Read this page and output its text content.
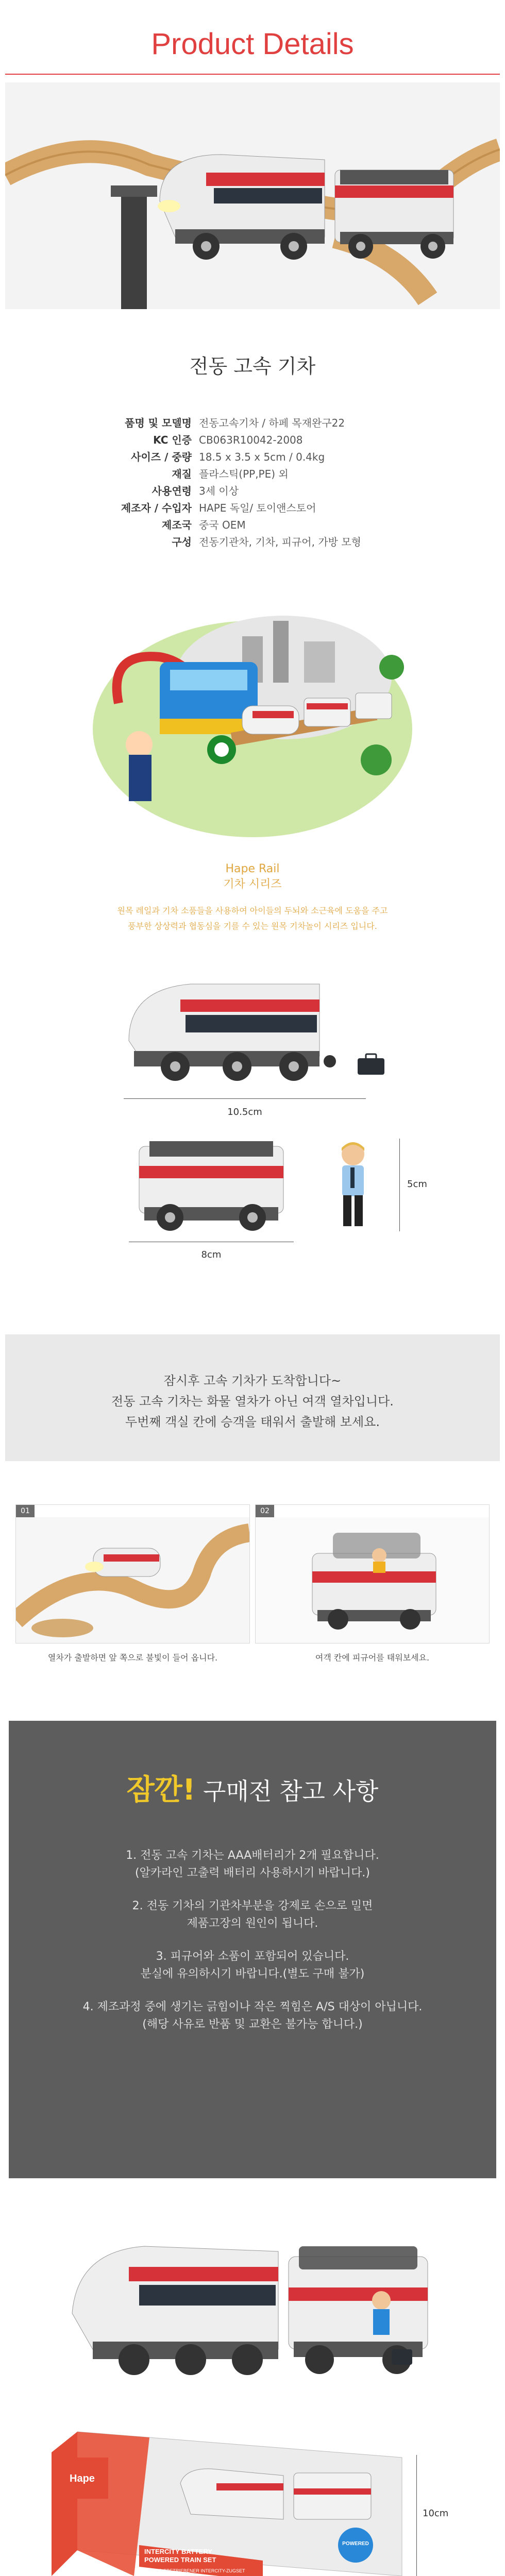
Product Details
전동 고속 기차
품명 및 모델명 전동고속기차 / 하페 목재완구22
KC 인증 CB063R10042-2008
사이즈 / 중량 18.5 x 3.5 x 5cm / 0.4kg
재질 플라스틱(PP,PE) 외
사용연령 3세 이상
제조자 / 수입자 HAPE 독일/ 토이앤스토어
제조국 중국 OEM
구성 전동기관차, 기차, 피규어, 가방 모형
Hape Rail
기차 시리즈
원목 레일과 기차 소품들을 사용하여 아이들의 두뇌와 소근육에 도움을 주고
풍부한 상상력과 협동심을 기를 수 있는 원목 기차놀이 시리즈 입니다.
10.5cm
8cm
5cm
잠시후 고속 기차가 도착합니다~
전동 고속 기차는 화물 열차가 아닌 여객 열차입니다.
두번째 객실 칸에 승객을 태워서 출발해 보세요.
01
열차가 출발하면 앞 쪽으로 불빛이 들어 옵니다.
02
여객 칸에 피규어를 태워보세요.
잠깐! 구매전 참고 사항
1. 전동 고속 기차는 AAA배터리가 2개 필요합니다.
(알카라인 고출력 배터리 사용하시기 바랍니다.)
2. 전동 기차의 기관차부분을 강제로 손으로 밀면
제품고장의 원인이 됩니다.
3. 피규어와 소품이 포함되어 있습니다.
분실에 유의하시기 바랍니다.(별도 구매 불가)
4. 제조과정 중에 생기는 긁힘이나 작은 찍힘은 A/S 대상이 아닙니다.
(해당 사유로 반품 및 교환은 불가능 합니다.)
Hape
INTERCITY BATTERY
POWERED TRAIN SET
BATTERIEBETRIEBENER INTERCITY-ZUGSET
POWERED
10cm
